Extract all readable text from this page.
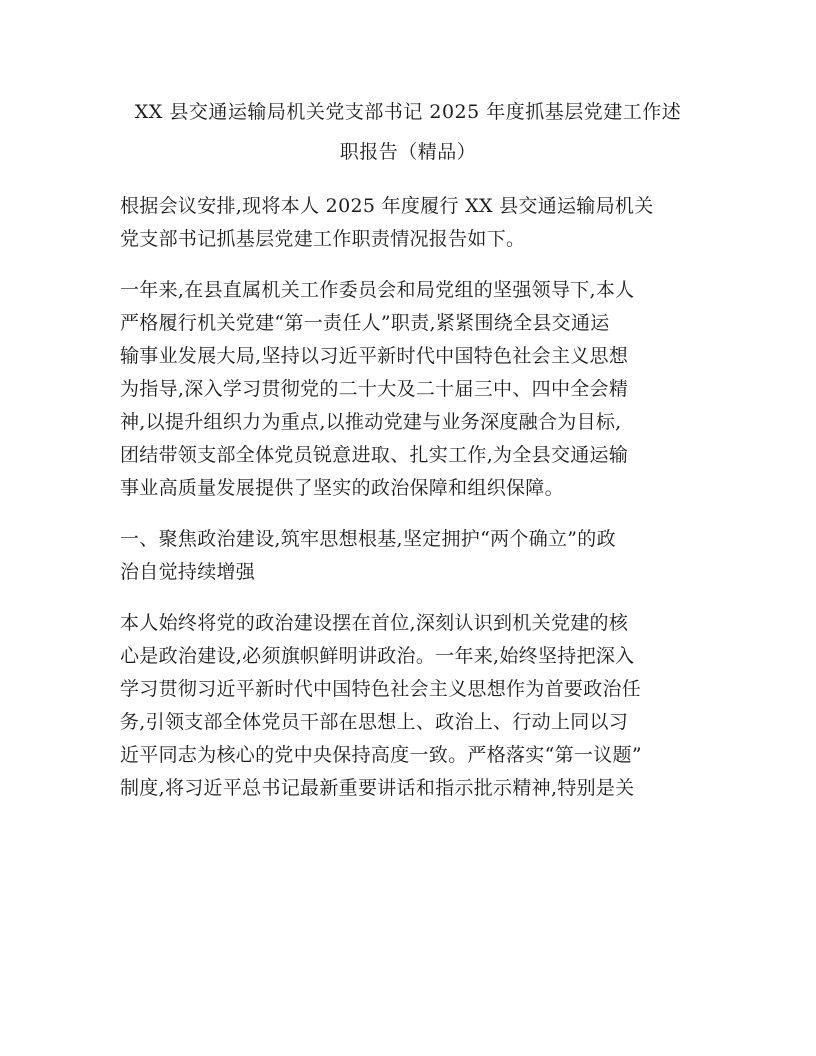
XX 县交通运输局机关党支部书记 2025 年度抓基层党建工作述
职报告（精品）

根据会议安排,现将本人 2025 年度履行 XX 县交通运输局机关
党支部书记抓基层党建工作职责情况报告如下。

一年来,在县直属机关工作委员会和局党组的坚强领导下,本人
严格履行机关党建“第一责任人”职责,紧紧围绕全县交通运
输事业发展大局,坚持以习近平新时代中国特色社会主义思想
为指导,深入学习贯彻党的二十大及二十届三中、四中全会精
神,以提升组织力为重点,以推动党建与业务深度融合为目标,
团结带领支部全体党员锐意进取、扎实工作,为全县交通运输
事业高质量发展提供了坚实的政治保障和组织保障。

一、聚焦政治建设,筑牢思想根基,坚定拥护“两个确立”的政
治自觉持续增强

本人始终将党的政治建设摆在首位,深刻认识到机关党建的核
心是政治建设,必须旗帜鲜明讲政治。一年来,始终坚持把深入
学习贯彻习近平新时代中国特色社会主义思想作为首要政治任
务,引领支部全体党员干部在思想上、政治上、行动上同以习
近平同志为核心的党中央保持高度一致。严格落实“第一议题”
制度,将习近平总书记最新重要讲话和指示批示精神,特别是关
